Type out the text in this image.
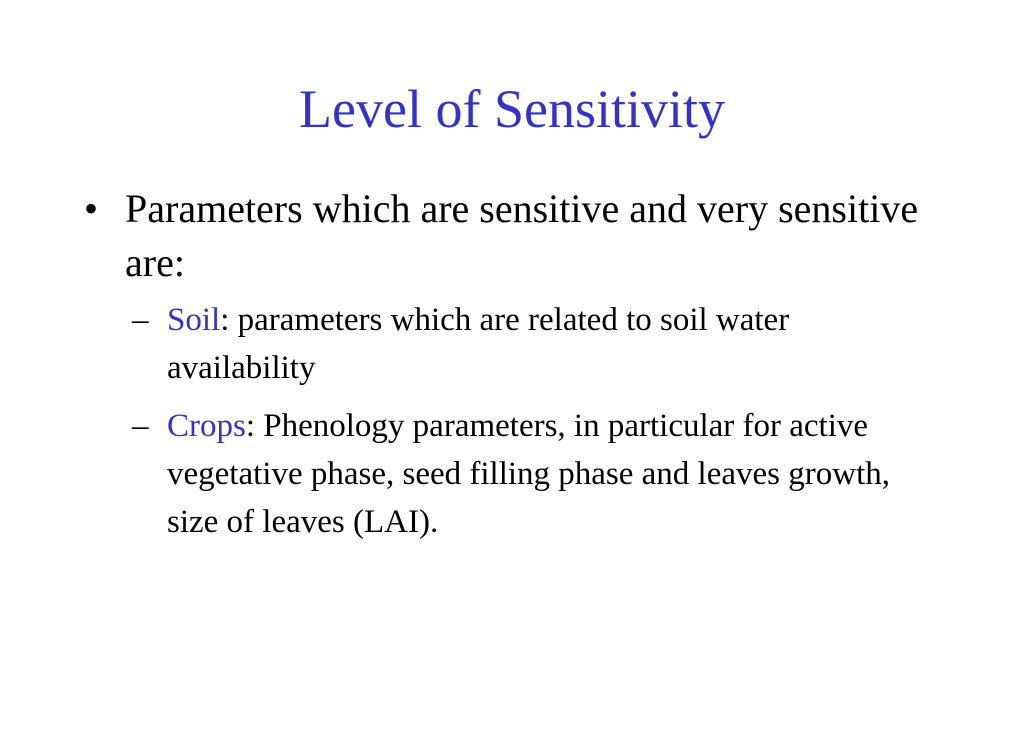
Level of Sensitivity
• Parameters which are sensitive and very sensitive are:
– Soil: parameters which are related to soil water availability
– Crops: Phenology parameters, in particular for active vegetative phase, seed filling phase and leaves growth, size of leaves (LAI).
